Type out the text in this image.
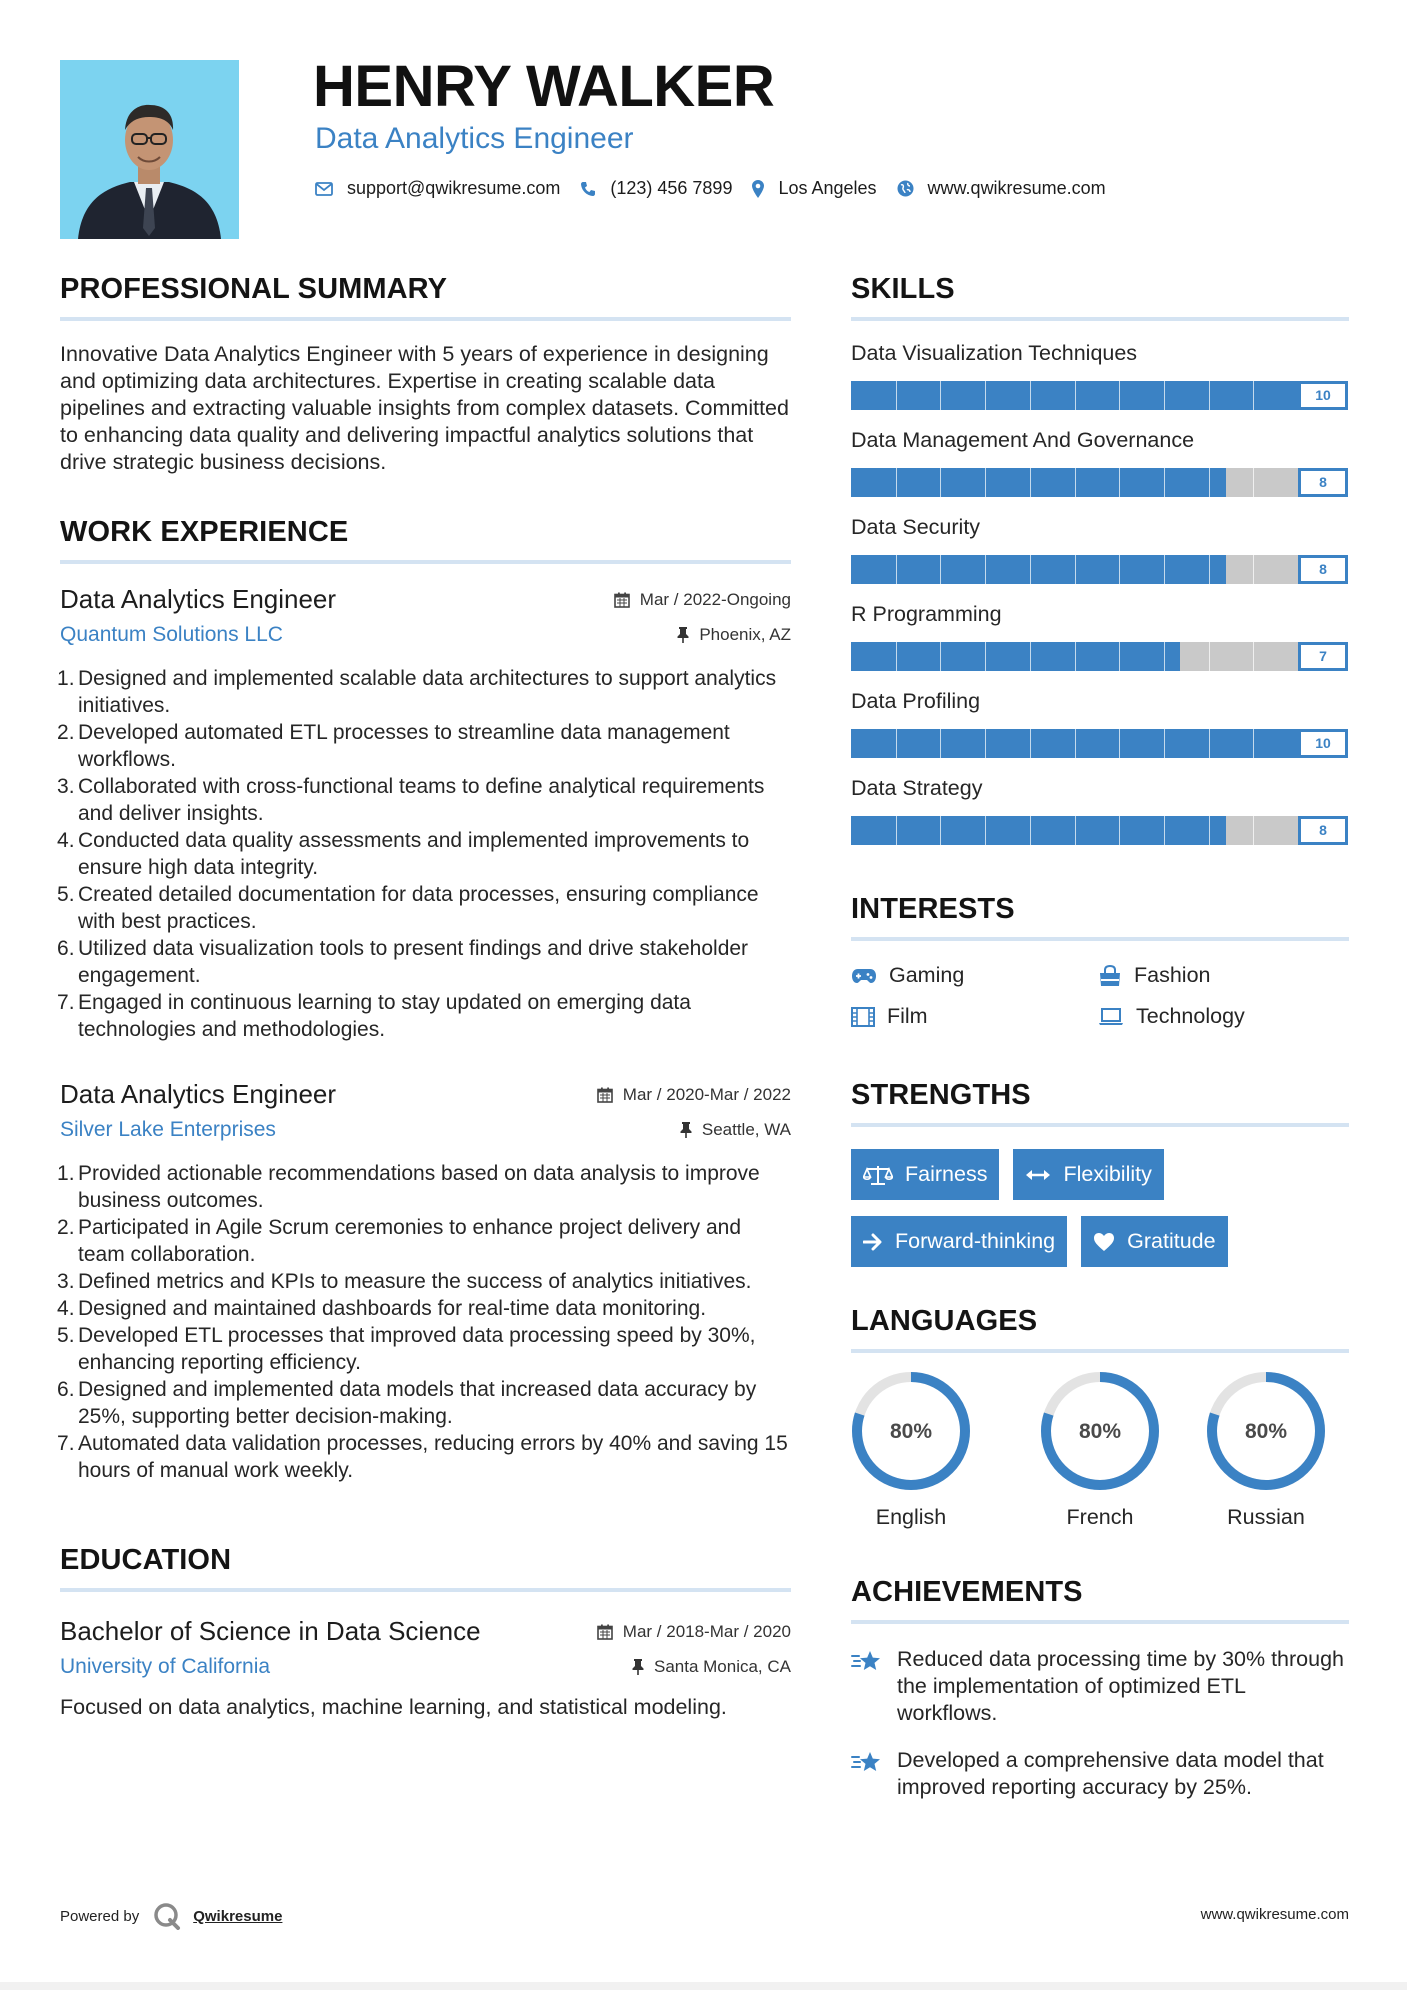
HENRY WALKER
Data Analytics Engineer
support@qwikresume.com	(123) 456 7899	Los Angeles	www.qwikresume.com
PROFESSIONAL SUMMARY

Innovative Data Analytics Engineer with 5 years of experience in designing and optimizing data architectures. Expertise in creating scalable data pipelines and extracting valuable insights from complex datasets. Committed to enhancing data quality and delivering impactful analytics solutions that drive strategic business decisions.

WORK EXPERIENCE
Data Analytics Engineer	Mar / 2022-Ongoing
Quantum Solutions LLC	Phoenix, AZ
Designed and implemented scalable data architectures to support analytics initiatives.
Developed automated ETL processes to streamline data management workflows.
Collaborated with cross-functional teams to define analytical requirements and deliver insights.
Conducted data quality assessments and implemented improvements to ensure high data integrity.
Created detailed documentation for data processes, ensuring compliance with best practices.
Utilized data visualization tools to present findings and drive stakeholder engagement.
Engaged in continuous learning to stay updated on emerging data technologies and methodologies.
Data Analytics Engineer	Mar / 2020-Mar / 2022
Silver Lake Enterprises	Seattle, WA
Provided actionable recommendations based on data analysis to improve business outcomes.
Participated in Agile Scrum ceremonies to enhance project delivery and team collaboration.
Defined metrics and KPIs to measure the success of analytics initiatives.
Designed and maintained dashboards for real-time data monitoring.
Developed ETL processes that improved data processing speed by 30%, enhancing reporting efficiency.
Designed and implemented data models that increased data accuracy by 25%, supporting better decision-making.
Automated data validation processes, reducing errors by 40% and saving 15 hours of manual work weekly.
EDUCATION
Bachelor of Science in Data Science	Mar / 2018-Mar / 2020
University of California	Santa Monica, CA

Focused on data analytics, machine learning, and statistical modeling.

SKILLS
Data Visualization Techniques
10
Data Management And Governance
8
Data Security
8
R Programming
7
Data Profiling
10
Data Strategy
8
INTERESTS
Gaming	Fashion
Film	Technology
STRENGTHS
Fairness	Flexibility
Forward-thinking	Gratitude
LANGUAGES
80%
English
80%
French
80%
Russian
ACHIEVEMENTS
Reduced data processing time by 30% through the implementation of optimized ETL workflows.
Developed a comprehensive data model that improved reporting accuracy by 25%.
Powered by	Qwikresume	www.qwikresume.com
